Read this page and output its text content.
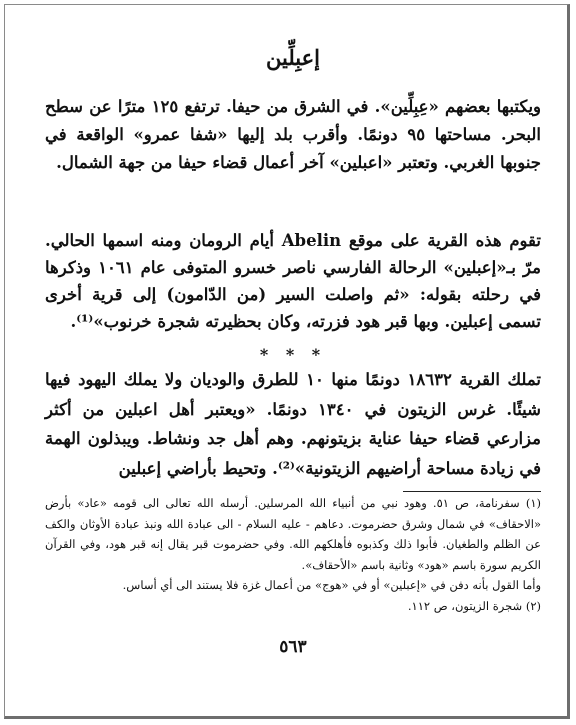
إعبِلِّين
ويكتبها بعضهم «عِبِلِّين». في الشرق من حيفا. ترتفع ١٢٥ مترًا عن سطح البحر. مساحتها ٩٥ دونمًا. وأقرب بلد إليها «شفا عمرو» الواقعة في جنوبها الغربي. وتعتبر «اعبلين» آخر أعمال قضاء حيفا من جهة الشمال.
تقوم هذه القرية على موقع Abelin أيام الرومان ومنه اسمها الحالي. مرّ بـ«إعبلين» الرحالة الفارسي ناصر خسرو المتوفى عام ١٠٦١ وذكرها في رحلته بقوله: «ثم واصلت السير (من الدّامون) إلى قرية أخرى تسمى إعبلين. وبها قبر هود فزرته، وكان بحظيرته شجرة خرنوب»⁽¹⁾.
* * *
تملك القرية ١٨٦٣٢ دونمًا منها ١٠ للطرق والوديان ولا يملك اليهود فيها شيئًا. غرس الزيتون في ١٣٤٠ دونمًا. «ويعتبر أهل اعبلين من أكثر مزارعي قضاء حيفا عناية بزيتونهم. وهم أهل جد ونشاط. ويبذلون الهمة في زيادة مساحة أراضيهم الزيتونية»⁽²⁾. وتحيط بأراضي إعبلين
(١) سفرنامة، ص ٥١. وهود نبي من أنبياء الله المرسلين. أرسله الله تعالى الى قومه «عاد» بأرض «الاحقاف» في شمال وشرق حضرموت. دعاهم - عليه السلام - الى عبادة الله ونبذ عبادة الأوثان والكف عن الظلم والطغيان. فأبوا ذلك وكذبوه فأهلكهم الله. وفي حضرموت قبر يقال إنه قبر هود، وفي القرآن الكريم سورة باسم «هود» وثانية باسم «الأحقاف».
وأما القول بأنه دفن في «إعبلين» أو في «هوج» من أعمال غزة فلا يستند الى أي أساس.
(٢) شجرة الزيتون، ص ١١٢.
٥٦٣
